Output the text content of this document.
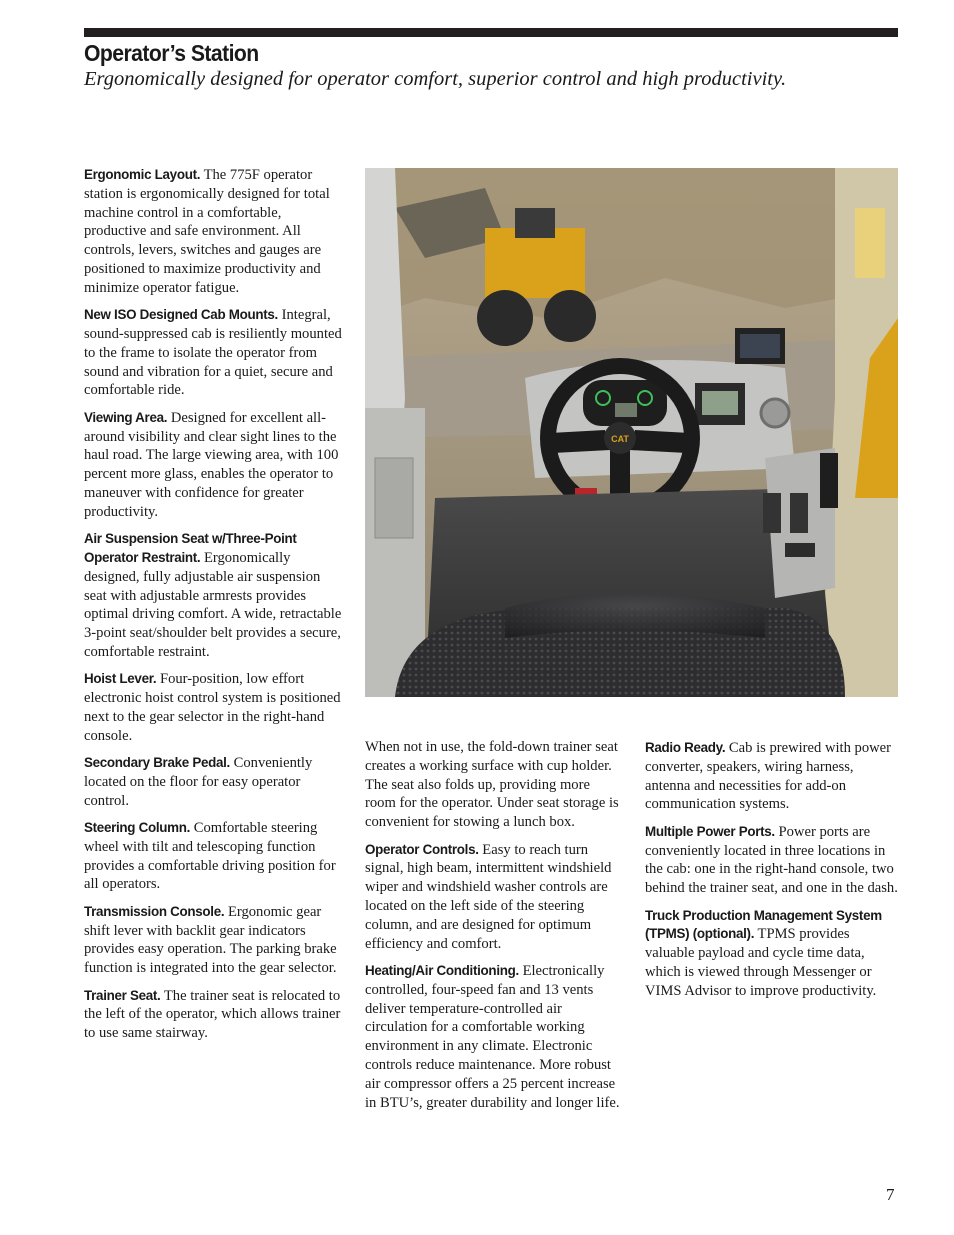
Operator’s Station
Ergonomically designed for operator comfort, superior control and high productivity.

Ergonomic Layout. The 775F operator station is ergonomically designed for total machine control in a comfortable, productive and safe environment. All controls, levers, switches and gauges are positioned to maximize productivity and minimize operator fatigue.

New ISO Designed Cab Mounts. Integral, sound-suppressed cab is resiliently mounted to the frame to isolate the operator from sound and vibration for a quiet, secure and comfortable ride.

Viewing Area. Designed for excellent all-around visibility and clear sight lines to the haul road. The large viewing area, with 100 percent more glass, enables the operator to maneuver with confidence for greater productivity.

Air Suspension Seat w/Three-Point Operator Restraint. Ergonomically designed, fully adjustable air suspension seat with adjustable armrests provides optimal driving comfort. A wide, retractable 3-point seat/shoulder belt provides a secure, comfortable restraint.

Hoist Lever. Four-position, low effort electronic hoist control system is positioned next to the gear selector in the right-hand console.

Secondary Brake Pedal. Conveniently located on the floor for easy operator control.

Steering Column. Comfortable steering wheel with tilt and telescoping function provides a comfortable driving position for all operators.

Transmission Console. Ergonomic gear shift lever with backlit gear indicators provides easy operation. The parking brake function is integrated into the gear selector.

Trainer Seat. The trainer seat is relocated to the left of the operator, which allows trainer to use same stairway.

CAT

When not in use, the fold-down trainer seat creates a working surface with cup holder. The seat also folds up, providing more room for the operator. Under seat storage is convenient for stowing a lunch box.

Operator Controls. Easy to reach turn signal, high beam, intermittent windshield wiper and windshield washer controls are located on the left side of the steering column, and are designed for optimum efficiency and comfort.

Heating/Air Conditioning. Electronically controlled, four-speed fan and 13 vents deliver temperature-controlled air circulation for a comfortable working environment in any climate. Electronic controls reduce maintenance. More robust air compressor offers a 25 percent increase in BTU’s, greater durability and longer life.

Radio Ready. Cab is prewired with power converter, speakers, wiring harness, antenna and necessities for add-on communication systems.

Multiple Power Ports. Power ports are conveniently located in three locations in the cab: one in the right-hand console, two behind the trainer seat, and one in the dash.

Truck Production Management System (TPMS) (optional). TPMS provides valuable payload and cycle time data, which is viewed through Messenger or VIMS Advisor to improve productivity.

7
